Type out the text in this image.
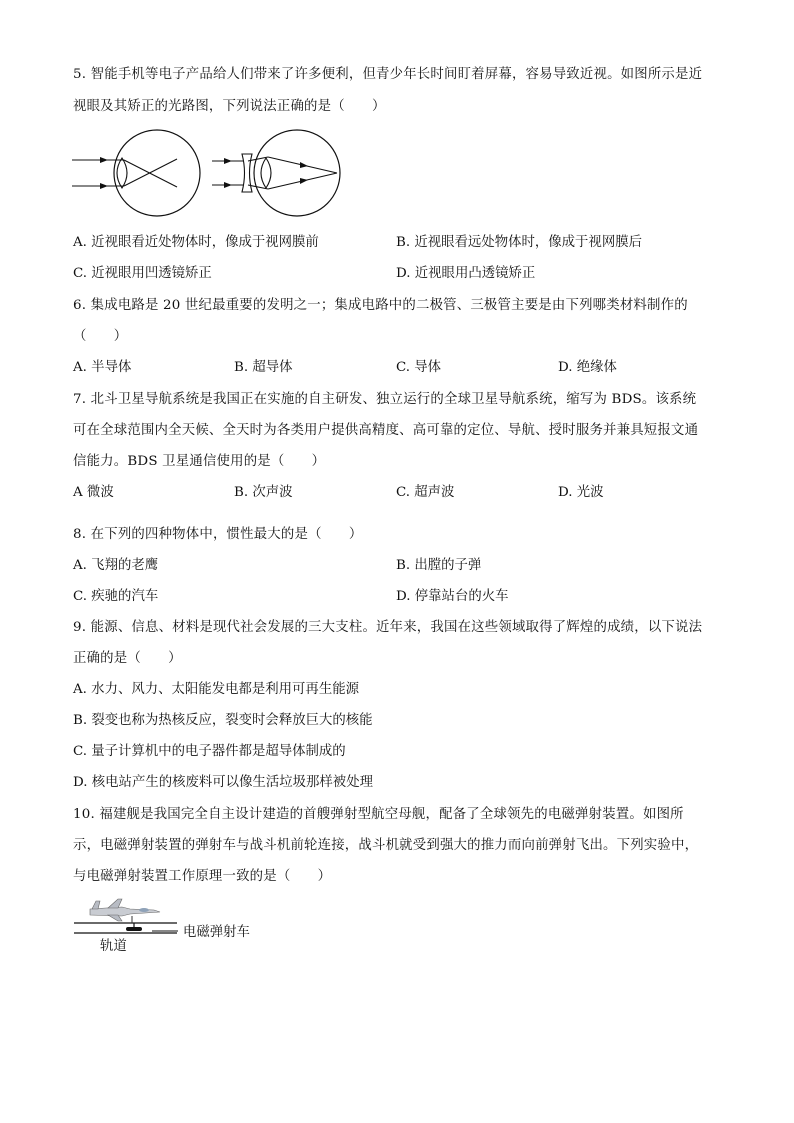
5. 智能手机等电子产品给人们带来了许多便利，但青少年长时间盯着屏幕，容易导致近视。如图所示是近
视眼及其矫正的光路图，下列说法正确的是（　　）
A. 近视眼看近处物体时，像成于视网膜前	B. 近视眼看远处物体时，像成于视网膜后
C. 近视眼用凹透镜矫正	D. 近视眼用凸透镜矫正
6. 集成电路是 20 世纪最重要的发明之一；集成电路中的二极管、三极管主要是由下列哪类材料制作的
（　　）
A. 半导体	B. 超导体	C. 导体	D. 绝缘体
7. 北斗卫星导航系统是我国正在实施的自主研发、独立运行的全球卫星导航系统，缩写为 BDS。该系统
可在全球范围内全天候、全天时为各类用户提供高精度、高可靠的定位、导航、授时服务并兼具短报文通
信能力。BDS 卫星通信使用的是（　　）
A 微波	B. 次声波	C. 超声波	D. 光波
8. 在下列的四种物体中，惯性最大的是（　　）
A. 飞翔的老鹰	B. 出膛的子弹
C. 疾驰的汽车	D. 停靠站台的火车
9. 能源、信息、材料是现代社会发展的三大支柱。近年来，我国在这些领域取得了辉煌的成绩，以下说法
正确的是（　　）
A. 水力、风力、太阳能发电都是利用可再生能源
B. 裂变也称为热核反应，裂变时会释放巨大的核能
C. 量子计算机中的电子器件都是超导体制成的
D. 核电站产生的核废料可以像生活垃圾那样被处理
10. 福建舰是我国完全自主设计建造的首艘弹射型航空母舰，配备了全球领先的电磁弹射装置。如图所
示，电磁弹射装置的弹射车与战斗机前轮连接，战斗机就受到强大的推力而向前弹射飞出。下列实验中，
与电磁弹射装置工作原理一致的是（　　）
电磁弹射车
轨道
